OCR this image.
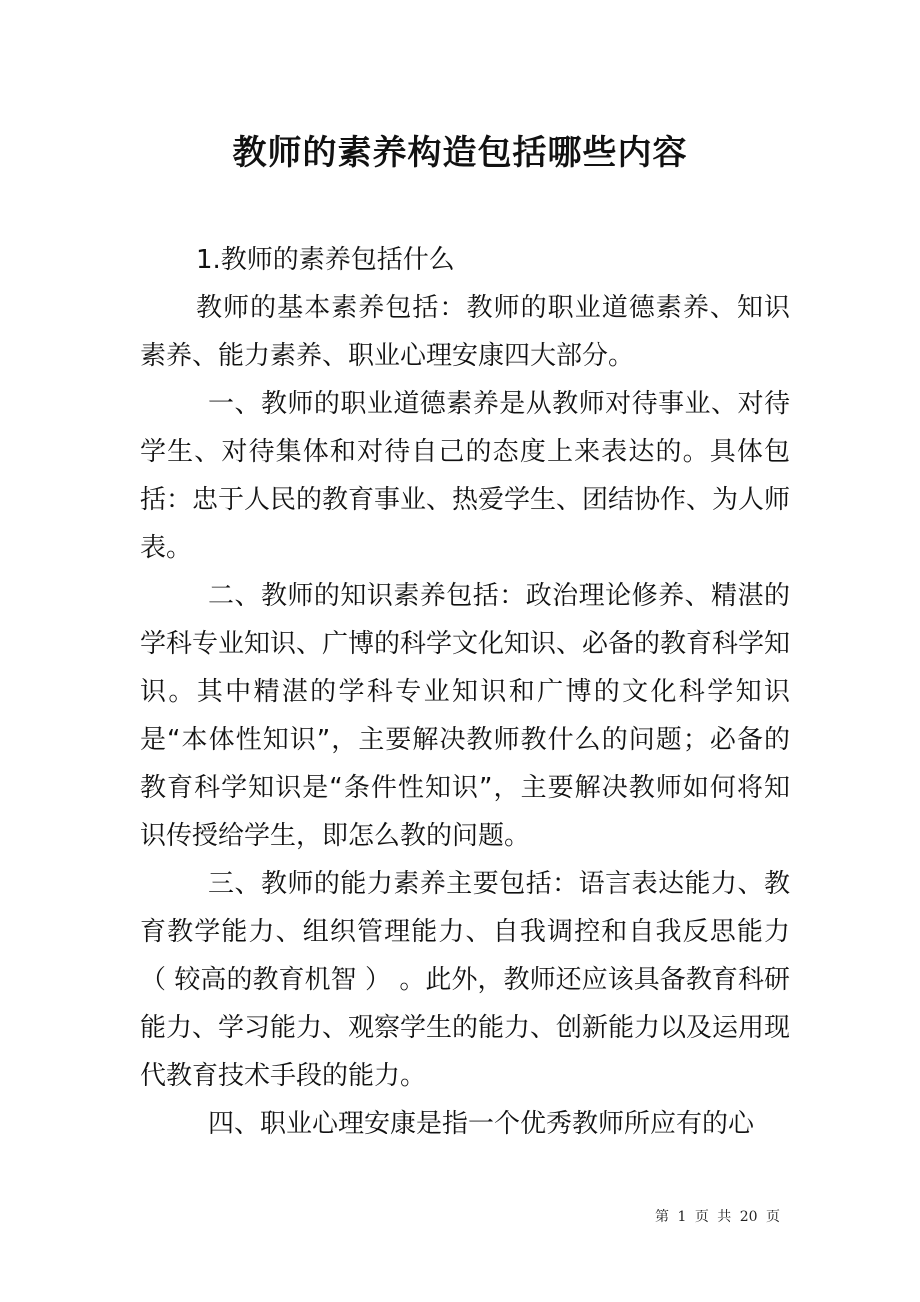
教师的素养构造包括哪些内容

1.教师的素养包括什么

教师的基本素养包括：教师的职业道德素养、知识素养、能力素养、职业心理安康四大部分。

一、教师的职业道德素养是从教师对待事业、对待学生、对待集体和对待自己的态度上来表达的。具体包括：忠于人民的教育事业、热爱学生、团结协作、为人师表。

二、教师的知识素养包括：政治理论修养、精湛的学科专业知识、广博的科学文化知识、必备的教育科学知识。其中精湛的学科专业知识和广博的文化科学知识是“本体性知识”，主要解决教师教什么的问题；必备的教育科学知识是“条件性知识”，主要解决教师如何将知识传授给学生，即怎么教的问题。

三、教师的能力素养主要包括：语言表达能力、教育教学能力、组织管理能力、自我调控和自我反思能力 （ 较高的教育机智 ） 。此外，教师还应该具备教育科研能力、学习能力、观察学生的能力、创新能力以及运用现代教育技术手段的能力。

四、职业心理安康是指一个优秀教师所应有的心

第 1 页 共 20 页
